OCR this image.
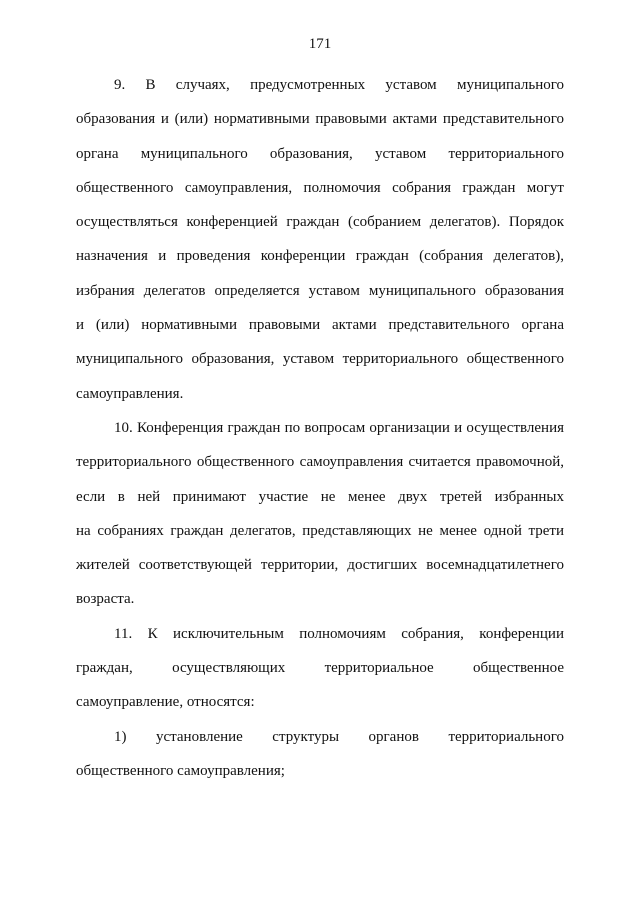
171
9. В случаях, предусмотренных уставом муниципального
образования и (или) нормативными правовыми актами представительного
органа муниципального образования, уставом территориального
общественного самоуправления, полномочия собрания граждан могут
осуществляться конференцией граждан (собранием делегатов). Порядок
назначения и проведения конференции граждан (собрания делегатов),
избрания делегатов определяется уставом муниципального образования
и (или) нормативными правовыми актами представительного органа
муниципального образования, уставом территориального общественного
самоуправления.
10. Конференция граждан по вопросам организации и осуществления
территориального общественного самоуправления считается правомочной,
если в ней принимают участие не менее двух третей избранных
на собраниях граждан делегатов, представляющих не менее одной трети
жителей соответствующей территории, достигших восемнадцатилетнего
возраста.
11. К исключительным полномочиям собрания, конференции
граждан, осуществляющих территориальное общественное
самоуправление, относятся:
1) установление структуры органов территориального
общественного самоуправления;
